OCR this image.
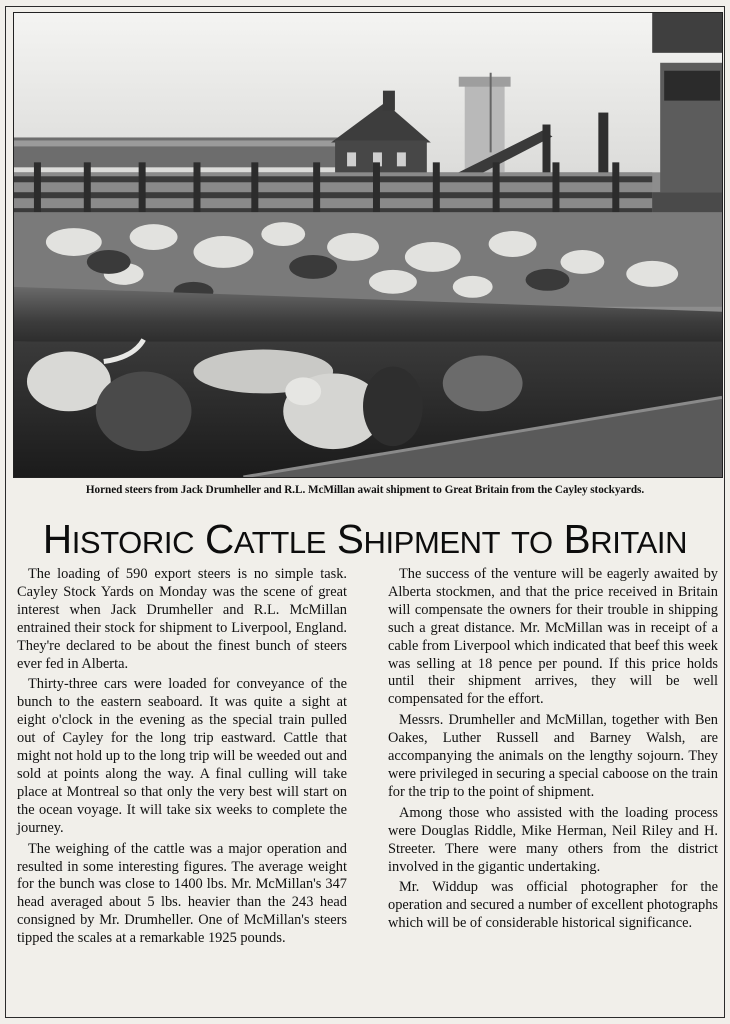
Horned steers from Jack Drumheller and R.L. McMillan await shipment to Great Britain from the Cayley stockyards.
HISTORIC CATTLE SHIPMENT TO BRITAIN

The loading of 590 export steers is no simple task. Cayley Stock Yards on Monday was the scene of great interest when Jack Drumheller and R.L. McMillan entrained their stock for shipment to Liverpool, England. They're declared to be about the finest bunch of steers ever fed in Alberta.

Thirty-three cars were loaded for conveyance of the bunch to the eastern seaboard. It was quite a sight at eight o'clock in the evening as the special train pulled out of Cayley for the long trip eastward. Cattle that might not hold up to the long trip will be weeded out and sold at points along the way. A final culling will take place at Montreal so that only the very best will start on the ocean voyage. It will take six weeks to complete the journey.

The weighing of the cattle was a major operation and resulted in some interesting figures. The average weight for the bunch was close to 1400 lbs. Mr. McMillan's 347 head averaged about 5 lbs. heavier than the 243 head consigned by Mr. Drumheller. One of McMillan's steers tipped the scales at a remarkable 1925 pounds.

The success of the venture will be eagerly awaited by Alberta stockmen, and that the price received in Britain will compensate the owners for their trouble in shipping such a great distance. Mr. McMillan was in receipt of a cable from Liverpool which indicated that beef this week was selling at 18 pence per pound. If this price holds until their shipment arrives, they will be well compensated for the effort.

Messrs. Drumheller and McMillan, together with Ben Oakes, Luther Russell and Barney Walsh, are accompanying the animals on the lengthy sojourn. They were privileged in securing a special caboose on the train for the trip to the point of shipment.

Among those who assisted with the loading process were Douglas Riddle, Mike Herman, Neil Riley and H. Streeter. There were many others from the district involved in the gigantic undertaking.

Mr. Widdup was official photographer for the operation and secured a number of excellent photographs which will be of considerable historical significance.
